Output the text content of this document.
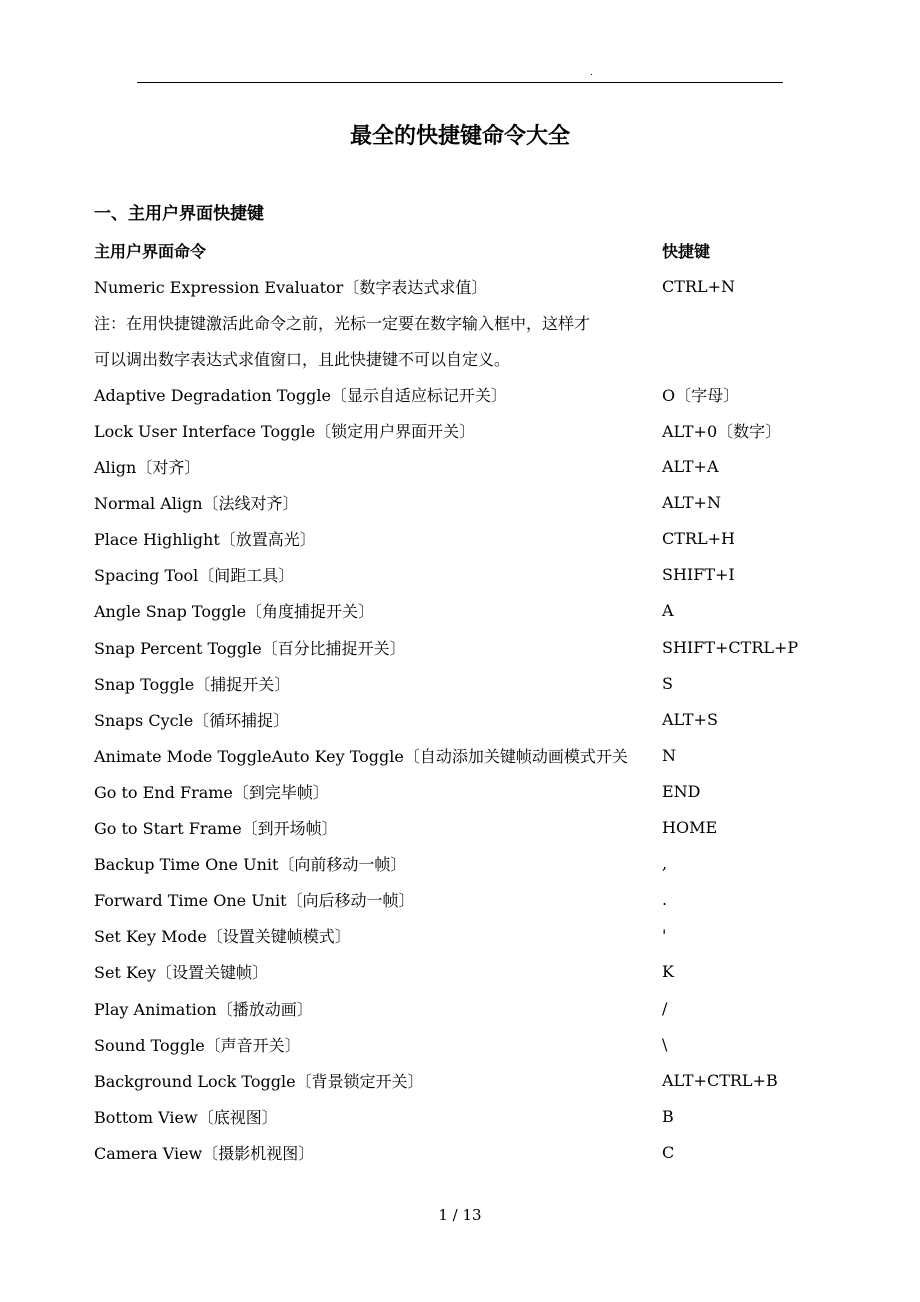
.
最全的快捷键命令大全
一、主用户界面快捷键
主用户界面命令	快捷键
Numeric Expression Evaluator〔数字表达式求值〕	CTRL+N
注：在用快捷键激活此命令之前，光标一定要在数字输入框中，这样才
可以调出数字表达式求值窗口，且此快捷键不可以自定义。
Adaptive Degradation Toggle〔显示自适应标记开关〕	O〔字母〕
Lock User Interface Toggle〔锁定用户界面开关〕	ALT+0〔数字〕
Align〔对齐〕	ALT+A
Normal Align〔法线对齐〕	ALT+N
Place Highlight〔放置高光〕	CTRL+H
Spacing Tool〔间距工具〕	SHIFT+I
Angle Snap Toggle〔角度捕捉开关〕	A
Snap Percent Toggle〔百分比捕捉开关〕	SHIFT+CTRL+P
Snap Toggle〔捕捉开关〕	S
Snaps Cycle〔循环捕捉〕	ALT+S
Animate Mode ToggleAuto Key Toggle〔自动添加关键帧动画模式开关 N
Go to End Frame〔到完毕帧〕	END
Go to Start Frame〔到开场帧〕	HOME
Backup Time One Unit〔向前移动一帧〕	,
Forward Time One Unit〔向后移动一帧〕	.
Set Key Mode〔设置关键帧模式〕	'
Set Key〔设置关键帧〕	K
Play Animation〔播放动画〕	/
Sound Toggle〔声音开关〕	\
Background Lock Toggle〔背景锁定开关〕	ALT+CTRL+B
Bottom View〔底视图〕	B
Camera View〔摄影机视图〕	C
1 / 13
